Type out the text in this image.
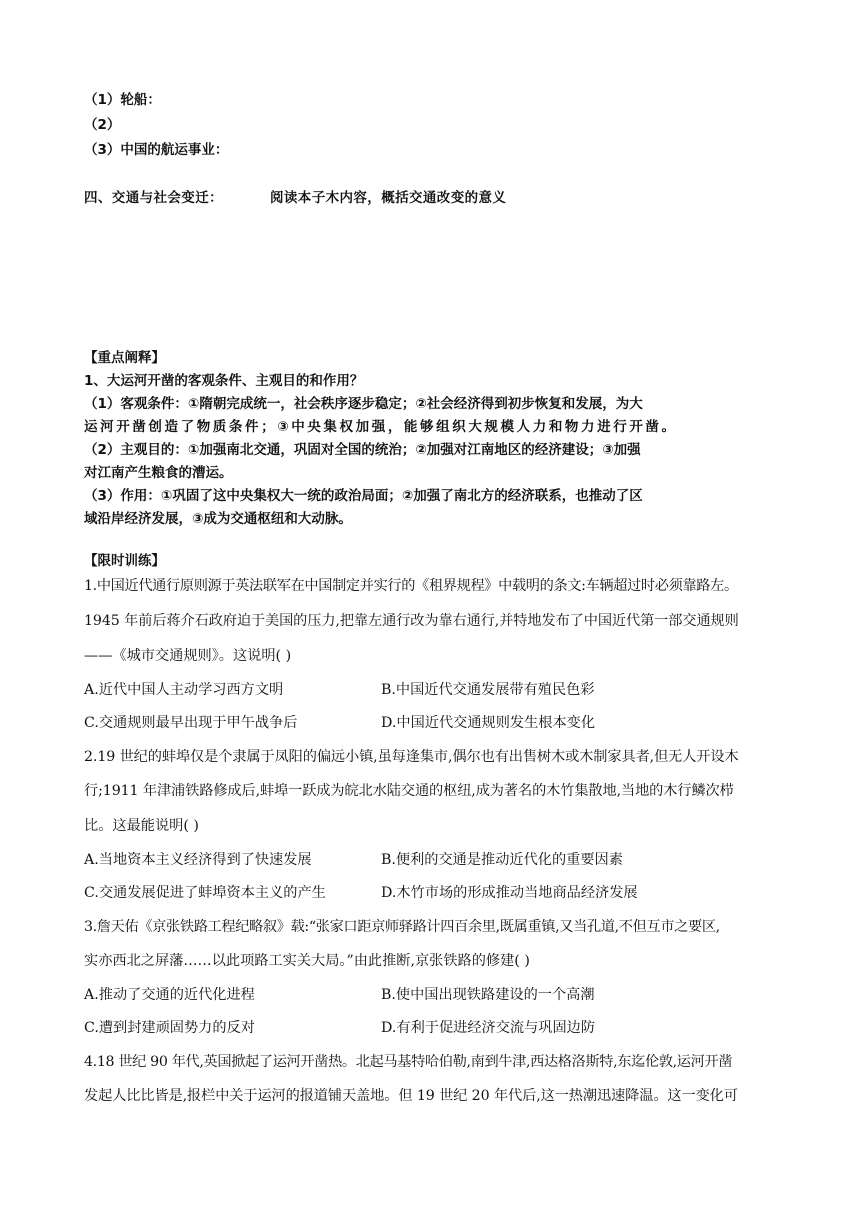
（1）轮船：
（2）
（3）中国的航运事业：
四、交通与社会变迁：	阅读本子木内容，概括交通改变的意义
【重点阐释】
1、大运河开凿的客观条件、主观目的和作用？
（1）客观条件：①隋朝完成统一，社会秩序逐步稳定；②社会经济得到初步恢复和发展，为大
运河开凿创造了物质条件；③中央集权加强，能够组织大规模人力和物力进行开凿。
（2）主观目的：①加强南北交通，巩固对全国的统治；②加强对江南地区的经济建设；③加强
对江南产生粮食的漕运。
（3）作用：①巩固了这中央集权大一统的政治局面；②加强了南北方的经济联系，也推动了区
域沿岸经济发展，③成为交通枢纽和大动脉。
【限时训练】
1.中国近代通行原则源于英法联军在中国制定并实行的《租界规程》中载明的条文:车辆超过时必须靠路左。
1945 年前后蒋介石政府迫于美国的压力,把靠左通行改为靠右通行,并特地发布了中国近代第一部交通规则
——《城市交通规则》。这说明( )
A.近代中国人主动学习西方文明	B.中国近代交通发展带有殖民色彩
C.交通规则最早出现于甲午战争后	D.中国近代交通规则发生根本变化
2.19 世纪的蚌埠仅是个隶属于凤阳的偏远小镇,虽每逢集市,偶尔也有出售树木或木制家具者,但无人开设木
行;1911 年津浦铁路修成后,蚌埠一跃成为皖北水陆交通的枢纽,成为著名的木竹集散地,当地的木行鳞次栉
比。这最能说明( )
A.当地资本主义经济得到了快速发展	B.便利的交通是推动近代化的重要因素
C.交通发展促进了蚌埠资本主义的产生	D.木竹市场的形成推动当地商品经济发展
3.詹天佑《京张铁路工程纪略叙》载:“张家口距京师驿路计四百余里,既属重镇,又当孔道,不但互市之要区,
实亦西北之屏藩……以此项路工实关大局。”由此推断,京张铁路的修建( )
A.推动了交通的近代化进程	B.使中国出现铁路建设的一个高潮
C.遭到封建顽固势力的反对	D.有利于促进经济交流与巩固边防
4.18 世纪 90 年代,英国掀起了运河开凿热。北起马基特哈伯勒,南到牛津,西达格洛斯特,东迄伦敦,运河开凿
发起人比比皆是,报栏中关于运河的报道铺天盖地。但 19 世纪 20 年代后,这一热潮迅速降温。这一变化可
